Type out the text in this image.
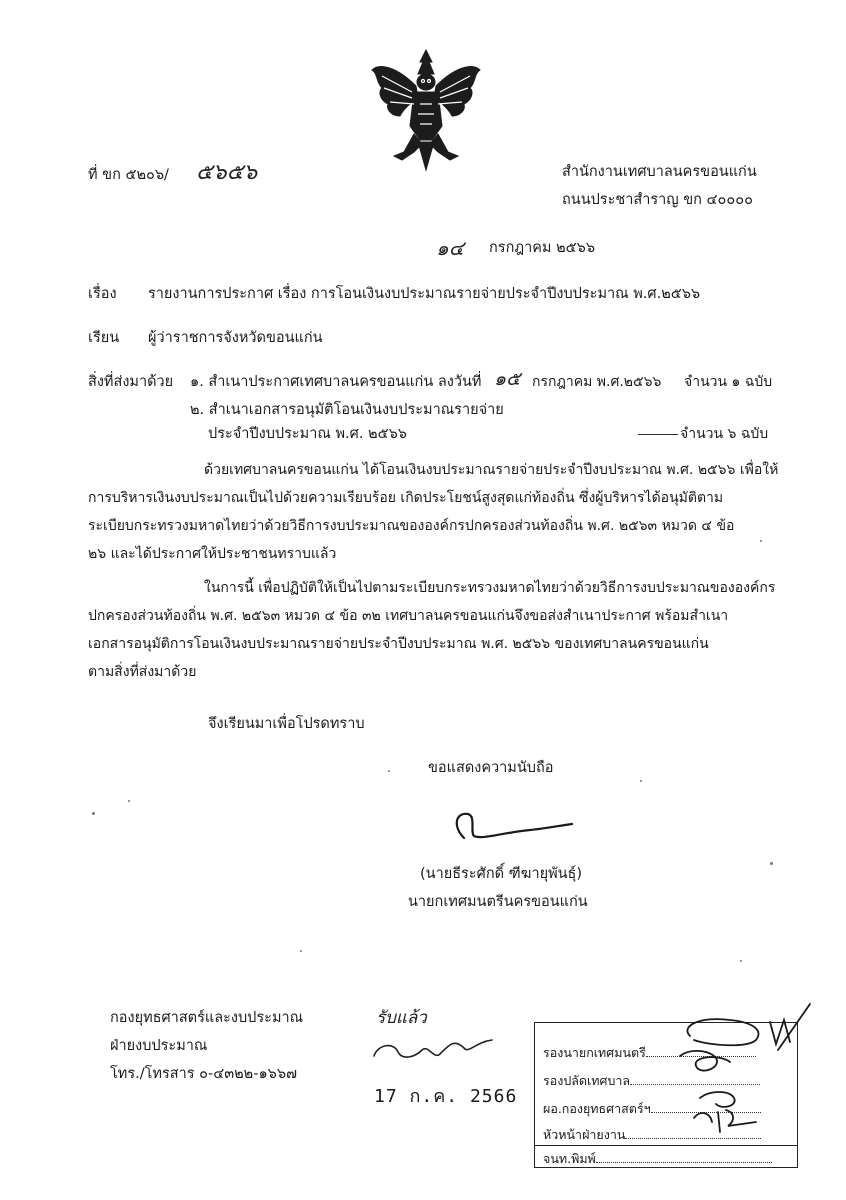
ที่ ขก ๕๒๐๖/ ๕๖๕๖	สำนักงานเทศบาลนครขอนแก่น
ถนนประชาสำราญ ขก ๔๐๐๐๐
๑๔ กรกฎาคม ๒๕๖๖
เรื่อง รายงานการประกาศ เรื่อง การโอนเงินงบประมาณรายจ่ายประจำปีงบประมาณ พ.ศ.๒๕๖๖
เรียน ผู้ว่าราชการจังหวัดขอนแก่น
สิ่งที่ส่งมาด้วย ๑. สำเนาประกาศเทศบาลนครขอนแก่น ลงวันที่ ๑๕ กรกฎาคม พ.ศ.๒๕๖๖ จำนวน ๑ ฉบับ
๒. สำเนาเอกสารอนุมัติโอนเงินงบประมาณรายจ่าย
ประจำปีงบประมาณ พ.ศ. ๒๕๖๖	จำนวน ๖ ฉบับ
ด้วยเทศบาลนครขอนแก่น ได้โอนเงินงบประมาณรายจ่ายประจำปีงบประมาณ พ.ศ. ๒๕๖๖ เพื่อให้
การบริหารเงินงบประมาณเป็นไปด้วยความเรียบร้อย เกิดประโยชน์สูงสุดแก่ท้องถิ่น ซึ่งผู้บริหารได้อนุมัติตาม
ระเบียบกระทรวงมหาดไทยว่าด้วยวิธีการงบประมาณขององค์กรปกครองส่วนท้องถิ่น พ.ศ. ๒๕๖๓ หมวด ๔ ข้อ
๒๖ และได้ประกาศให้ประชาชนทราบแล้ว
ในการนี้ เพื่อปฏิบัติให้เป็นไปตามระเบียบกระทรวงมหาดไทยว่าด้วยวิธีการงบประมาณขององค์กร
ปกครองส่วนท้องถิ่น พ.ศ. ๒๕๖๓ หมวด ๔ ข้อ ๓๒ เทศบาลนครขอนแก่นจึงขอส่งสำเนาประกาศ พร้อมสำเนา
เอกสารอนุมัติการโอนเงินงบประมาณรายจ่ายประจำปีงบประมาณ พ.ศ. ๒๕๖๖ ของเทศบาลนครขอนแก่น
ตามสิ่งที่ส่งมาด้วย
จึงเรียนมาเพื่อโปรดทราบ
ขอแสดงความนับถือ
(นายธีระศักดิ์ ฑีฆายุพันธุ์)
นายกเทศมนตรีนครขอนแก่น
กองยุทธศาสตร์และงบประมาณ
ฝ่ายงบประมาณ
โทร./โทรสาร ๐-๔๓๒๒-๑๖๖๗
รับแล้ว
17 ก.ค. 2566
รองนายกเทศมนตรี
รองปลัดเทศบาล
ผอ.กองยุทธศาสตร์ฯ
หัวหน้าฝ่ายงาน
จนท.พิมพ์
